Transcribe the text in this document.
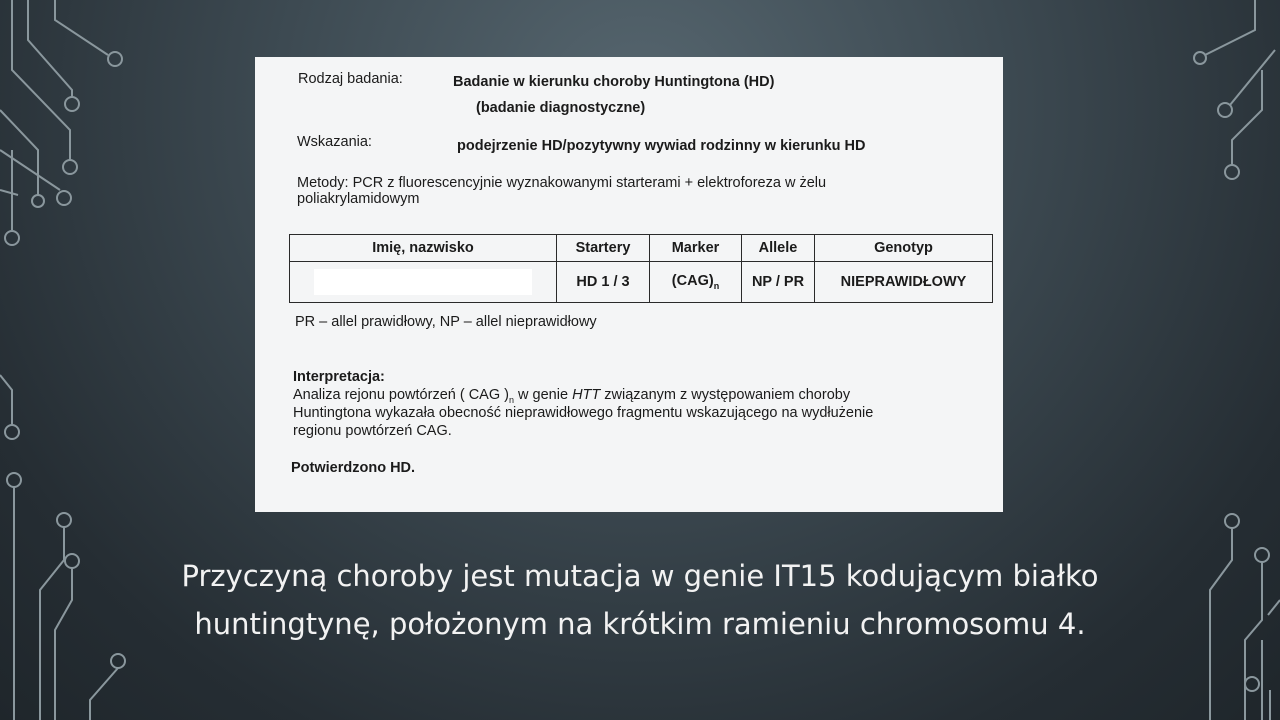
Rodzaj badania:	Badanie w kierunku choroby Huntingtona (HD)
(badanie diagnostyczne)
Wskazania:	podejrzenie HD/pozytywny wywiad rodzinny w kierunku HD
Metody: PCR z fluorescencyjnie wyznakowanymi starterami + elektroforeza w żelu
poliakrylamidowym
Imię, nazwisko	Startery	Marker	Allele	Genotyp
	HD 1 / 3	$(CAG)_n$	NP / PR	NIEPRAWIDŁOWY
PR – allel prawidłowy, NP – allel nieprawidłowy
Interpretacja:
Analiza rejonu powtórzeń ( CAG )$_n$ w genie HTT związanym z występowaniem choroby
Huntingtona wykazała obecność nieprawidłowego fragmentu wskazującego na wydłużenie
regionu powtórzeń CAG.
Potwierdzono HD.
Przyczyną choroby jest mutacja w genie IT15 kodującym białko
huntingtynę, położonym na krótkim ramieniu chromosomu 4.
